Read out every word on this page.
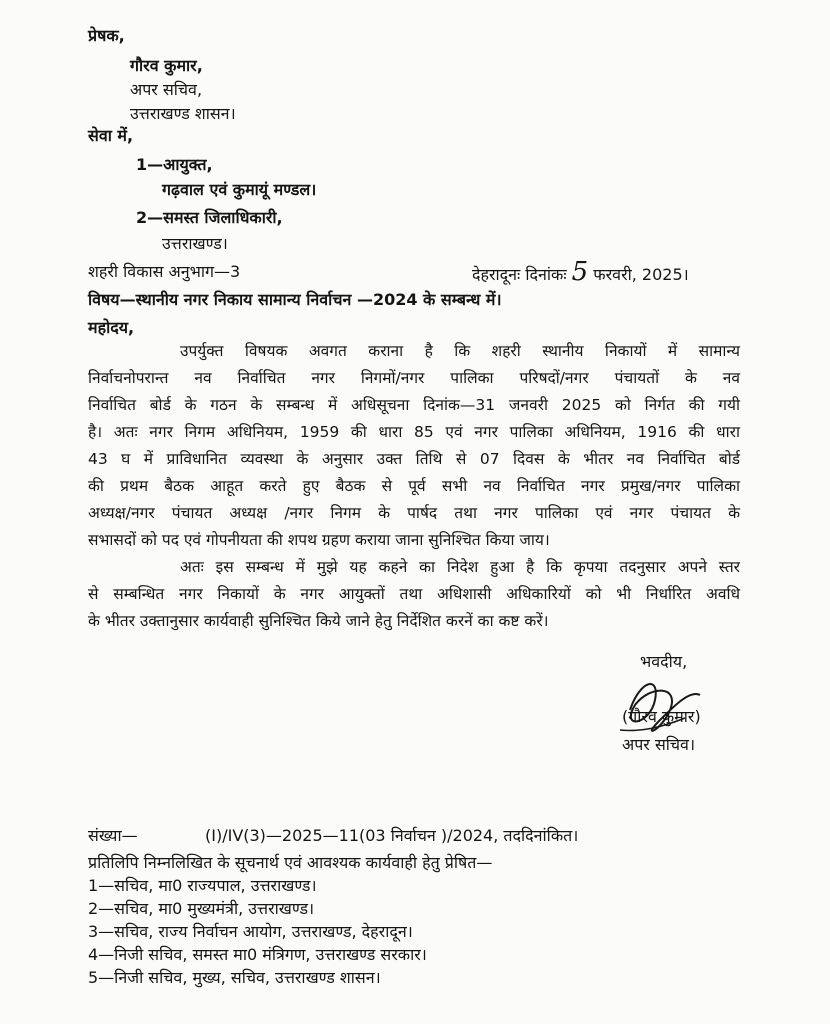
प्रेषक,
गौरव कुमार,
अपर सचिव,
उत्तराखण्ड शासन।
सेवा में,
1—आयुक्त,
गढ़वाल एवं कुमायूं मण्डल।
2—समस्त जिलाधिकारी,
उत्तराखण्ड।
शहरी विकास अनुभाग—3	देहरादूनः दिनांकः 5 फरवरी, 2025।
विषय—स्थानीय नगर निकाय सामान्य निर्वाचन —2024 के सम्बन्ध में।
महोदय,
उपर्युक्त विषयक अवगत कराना है कि शहरी स्थानीय निकायों में सामान्य
निर्वाचनोपरान्त नव निर्वाचित नगर निगमों/नगर पालिका परिषदों/नगर पंचायतों के नव
निर्वाचित बोर्ड के गठन के सम्बन्ध में अधिसूचना दिनांक—31 जनवरी 2025 को निर्गत की गयी
है। अतः नगर निगम अधिनियम, 1959 की धारा 85 एवं नगर पालिका अधिनियम, 1916 की धारा
43 घ में प्राविधानित व्यवस्था के अनुसार उक्त तिथि से 07 दिवस के भीतर नव निर्वाचित बोर्ड
की प्रथम बैठक आहूत करते हुए बैठक से पूर्व सभी नव निर्वाचित नगर प्रमुख/नगर पालिका
अध्यक्ष/नगर पंचायत अध्यक्ष /नगर निगम के पार्षद तथा नगर पालिका एवं नगर पंचायत के
सभासदों को पद एवं गोपनीयता की शपथ ग्रहण कराया जाना सुनिश्चित किया जाय।
अतः इस सम्बन्ध में मुझे यह कहने का निदेश हुआ है कि कृपया तदनुसार अपने स्तर
से सम्बन्धित नगर निकायों के नगर आयुक्तों तथा अधिशासी अधिकारियों को भी निर्धारित अवधि
के भीतर उक्तानुसार कार्यवाही सुनिश्चित किये जाने हेतु निर्देशित करनें का कष्ट करें।
भवदीय,
(गौरव कुमार)
अपर सचिव।
संख्या—	(I)/IV(3)—2025—11(03 निर्वाचन )/2024, तददिनांकित।
प्रतिलिपि निम्नलिखित के सूचनार्थ एवं आवश्यक कार्यवाही हेतु प्रेषित—
1—सचिव, मा0 राज्यपाल, उत्तराखण्ड।
2—सचिव, मा0 मुख्यमंत्री, उत्तराखण्ड।
3—सचिव, राज्य निर्वाचन आयोग, उत्तराखण्ड, देहरादून।
4—निजी सचिव, समस्त मा0 मंत्रिगण, उत्तराखण्ड सरकार।
5—निजी सचिव, मुख्य, सचिव, उत्तराखण्ड शासन।
